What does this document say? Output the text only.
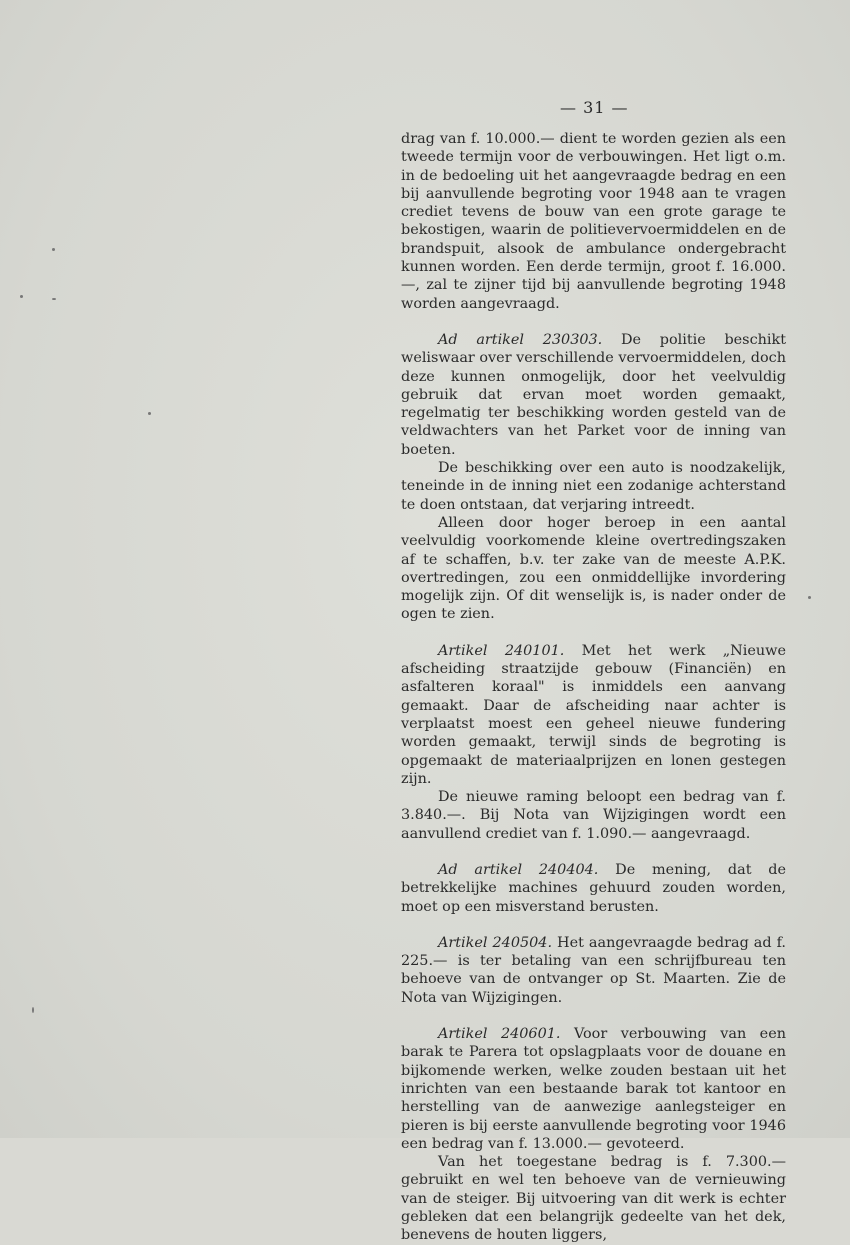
— 31 —

drag van f. 10.000.— dient te worden gezien als een tweede termijn voor de verbouwingen. Het ligt o.m. in de bedoeling uit het aangevraagde bedrag en een bij aanvullende begroting voor 1948 aan te vragen crediet tevens de bouw van een grote garage te bekostigen, waarin de politievervoermiddelen en de brandspuit, alsook de ambulance ondergebracht kunnen worden. Een derde termijn, groot f. 16.000.—, zal te zijner tijd bij aanvullende begroting 1948 worden aangevraagd.

Ad artikel 230303. De politie beschikt weliswaar over verschillende vervoermiddelen, doch deze kunnen onmogelijk, door het veelvuldig gebruik dat ervan moet worden gemaakt, regelmatig ter beschikking worden gesteld van de veldwachters van het Parket voor de inning van boeten.

De beschikking over een auto is noodzakelijk, teneinde in de inning niet een zodanige achterstand te doen ontstaan, dat verjaring intreedt.

Alleen door hoger beroep in een aantal veelvuldig voorkomende kleine overtredingszaken af te schaffen, b.v. ter zake van de meeste A.P.K. overtredingen, zou een onmiddellijke invordering mogelijk zijn. Of dit wenselijk is, is nader onder de ogen te zien.

Artikel 240101. Met het werk „Nieuwe afscheiding straatzijde gebouw (Financiën) en asfalteren koraal" is inmiddels een aanvang gemaakt. Daar de afscheiding naar achter is verplaatst moest een geheel nieuwe fundering worden gemaakt, terwijl sinds de begroting is opgemaakt de materiaalprijzen en lonen gestegen zijn.

De nieuwe raming beloopt een bedrag van f. 3.840.—. Bij Nota van Wijzigingen wordt een aanvullend crediet van f. 1.090.— aangevraagd.

Ad artikel 240404. De mening, dat de betrekkelijke machines gehuurd zouden worden, moet op een misverstand berusten.

Artikel 240504. Het aangevraagde bedrag ad f. 225.— is ter betaling van een schrijfbureau ten behoeve van de ontvanger op St. Maarten. Zie de Nota van Wijzigingen.

Artikel 240601. Voor verbouwing van een barak te Parera tot opslagplaats voor de douane en bijkomende werken, welke zouden bestaan uit het inrichten van een bestaande barak tot kantoor en herstelling van de aanwezige aanlegsteiger en pieren is bij eerste aanvullende begroting voor 1946 een bedrag van f. 13.000.— gevoteerd.

Van het toegestane bedrag is f. 7.300.— gebruikt en wel ten behoeve van de vernieuwing van de steiger. Bij uitvoering van dit werk is echter gebleken dat een belangrijk gedeelte van het dek, benevens de houten liggers,
